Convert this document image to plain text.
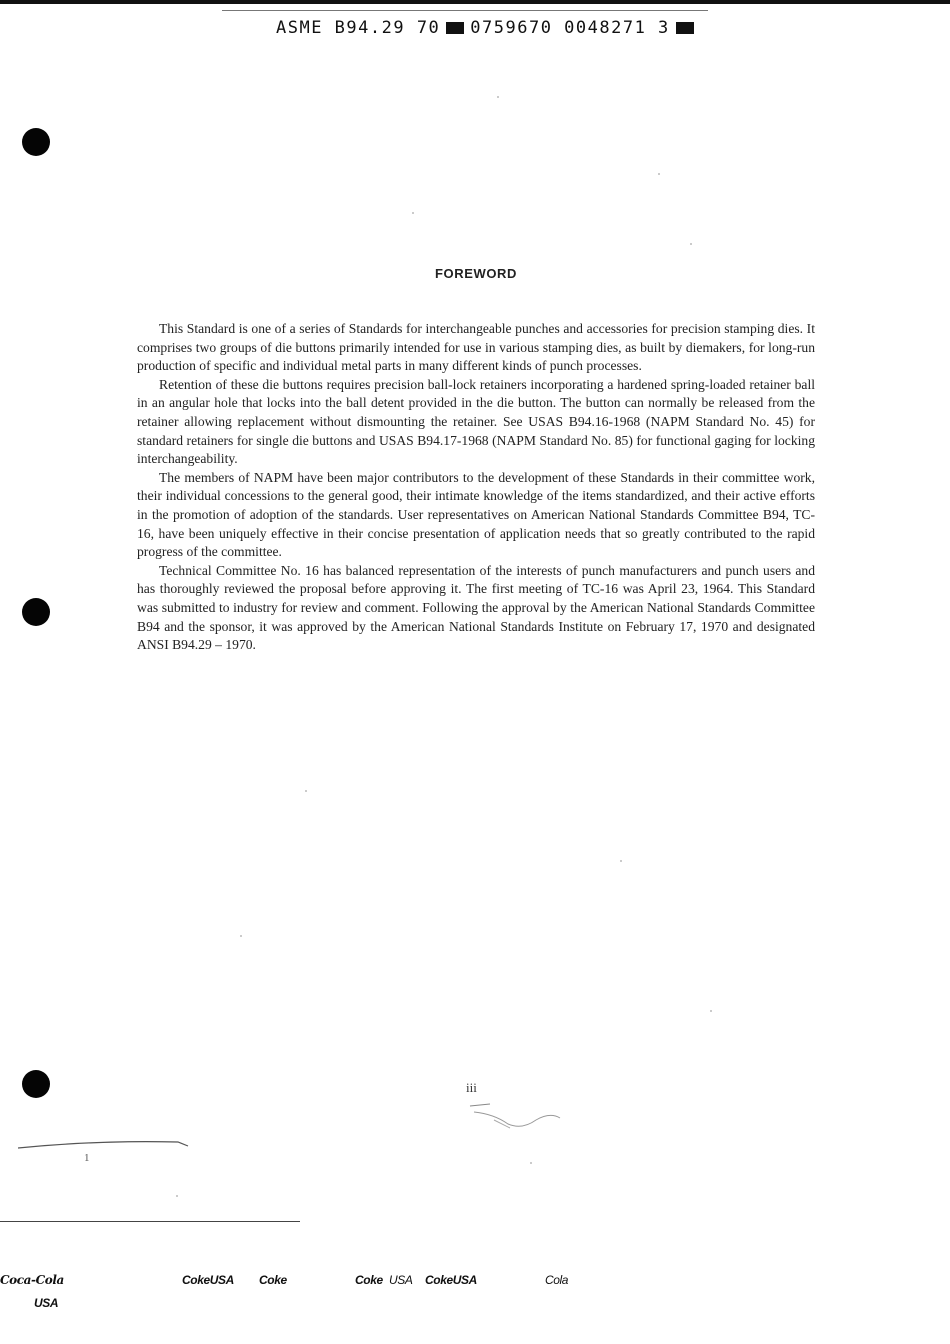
ASME B94.29 70 0759670 0048271 3
FOREWORD

This Standard is one of a series of Standards for interchangeable punches and accessories for precision stamping dies. It comprises two groups of die buttons primarily intended for use in various stamping dies, as built by diemakers, for long-run production of specific and individual metal parts in many different kinds of punch processes.

Retention of these die buttons requires precision ball-lock retainers incorporating a hardened spring-loaded retainer ball in an angular hole that locks into the ball detent provided in the die button. The button can normally be released from the retainer allowing replacement without dismounting the retainer. See USAS B94.16-1968 (NAPM Standard No. 45) for standard retainers for single die buttons and USAS B94.17-1968 (NAPM Standard No. 85) for functional gaging for locking interchangeability.

The members of NAPM have been major contributors to the development of these Standards in their committee work, their individual concessions to the general good, their intimate knowledge of the items standardized, and their active efforts in the promotion of adoption of the standards. User representatives on American National Standards Committee B94, TC-16, have been uniquely effective in their concise presentation of application needs that so greatly contributed to the rapid progress of the committee.

Technical Committee No. 16 has balanced representation of the interests of punch manufacturers and punch users and has thoroughly reviewed the proposal before approving it. The first meeting of TC-16 was April 23, 1964. This Standard was submitted to industry for review and comment. Following the approval by the American National Standards Committee B94 and the sponsor, it was approved by the American National Standards Institute on February 17, 1970 and designated ANSI B94.29 – 1970.

iii
1
Coca-Cola
USA
CokeUSA Coke	Coke USA CokeUSA	Cola
